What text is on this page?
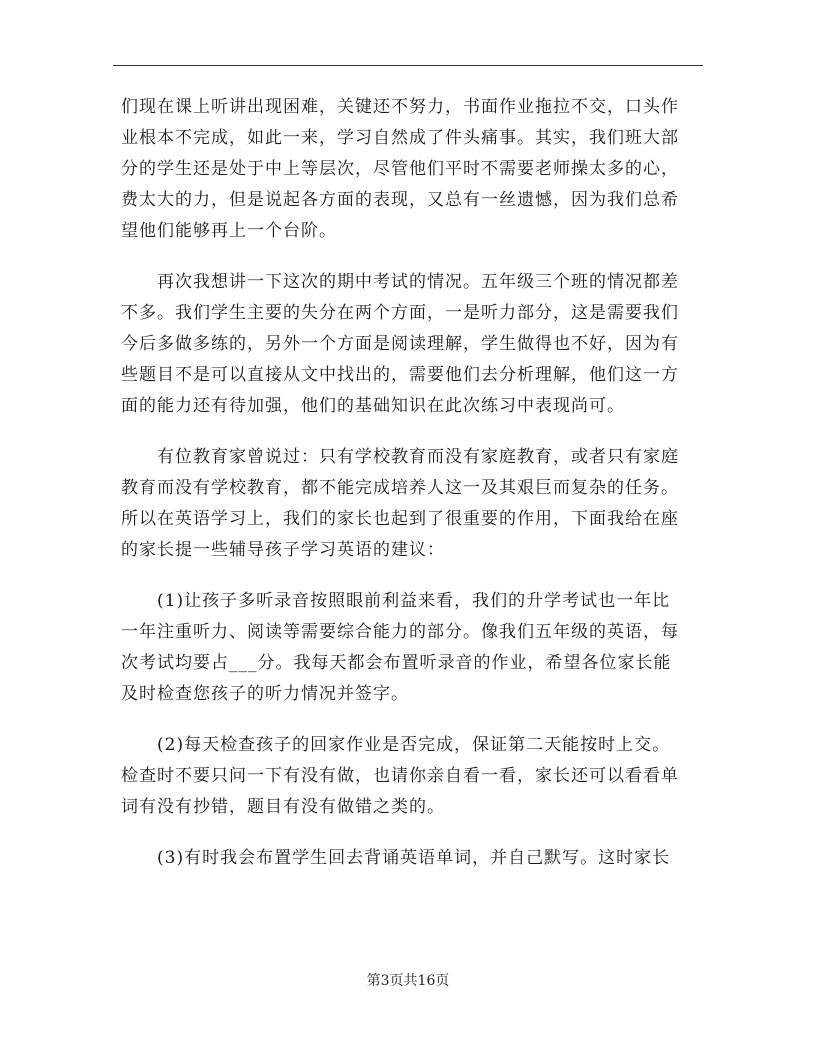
们现在课上听讲出现困难，关键还不努力，书面作业拖拉不交，口头作
业根本不完成，如此一来，学习自然成了件头痛事。其实，我们班大部
分的学生还是处于中上等层次，尽管他们平时不需要老师操太多的心，
费太大的力，但是说起各方面的表现，又总有一丝遗憾，因为我们总希
望他们能够再上一个台阶。

　　再次我想讲一下这次的期中考试的情况。五年级三个班的情况都差
不多。我们学生主要的失分在两个方面，一是听力部分，这是需要我们
今后多做多练的，另外一个方面是阅读理解，学生做得也不好，因为有
些题目不是可以直接从文中找出的，需要他们去分析理解，他们这一方
面的能力还有待加强，他们的基础知识在此次练习中表现尚可。

　　有位教育家曾说过：只有学校教育而没有家庭教育，或者只有家庭
教育而没有学校教育，都不能完成培养人这一及其艰巨而复杂的任务。
所以在英语学习上，我们的家长也起到了很重要的作用，下面我给在座
的家长提一些辅导孩子学习英语的建议：

　　(1)让孩子多听录音按照眼前利益来看，我们的升学考试也一年比
一年注重听力、阅读等需要综合能力的部分。像我们五年级的英语，每
次考试均要占___分。我每天都会布置听录音的作业，希望各位家长能
及时检查您孩子的听力情况并签字。

　　(2)每天检查孩子的回家作业是否完成，保证第二天能按时上交。
检查时不要只问一下有没有做，也请你亲自看一看，家长还可以看看单
词有没有抄错，题目有没有做错之类的。

　　(3)有时我会布置学生回去背诵英语单词，并自己默写。这时家长

第3页共16页
